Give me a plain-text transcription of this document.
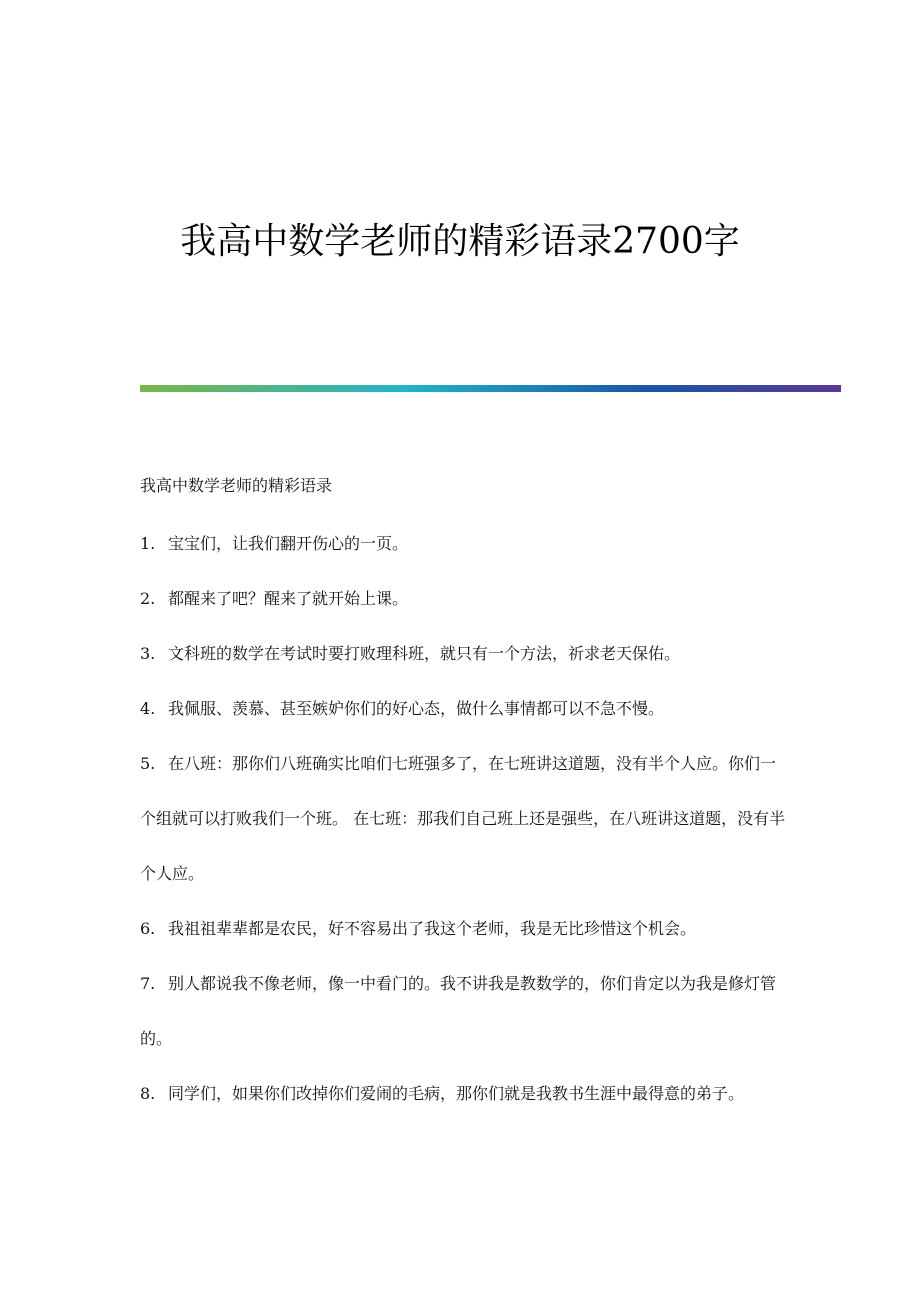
我高中数学老师的精彩语录2700字

我高中数学老师的精彩语录

1. 宝宝们，让我们翻开伤心的一页。

2. 都醒来了吧？醒来了就开始上课。

3. 文科班的数学在考试时要打败理科班，就只有一个方法，祈求老天保佑。

4. 我佩服、羡慕、甚至嫉妒你们的好心态，做什么事情都可以不急不慢。

5. 在八班：那你们八班确实比咱们七班强多了，在七班讲这道题，没有半个人应。你们一个组就可以打败我们一个班。 在七班：那我们自己班上还是强些，在八班讲这道题，没有半个人应。

6. 我祖祖辈辈都是农民，好不容易出了我这个老师，我是无比珍惜这个机会。

7. 别人都说我不像老师，像一中看门的。我不讲我是教数学的，你们肯定以为我是修灯管的。

8. 同学们，如果你们改掉你们爱闹的毛病，那你们就是我教书生涯中最得意的弟子。
